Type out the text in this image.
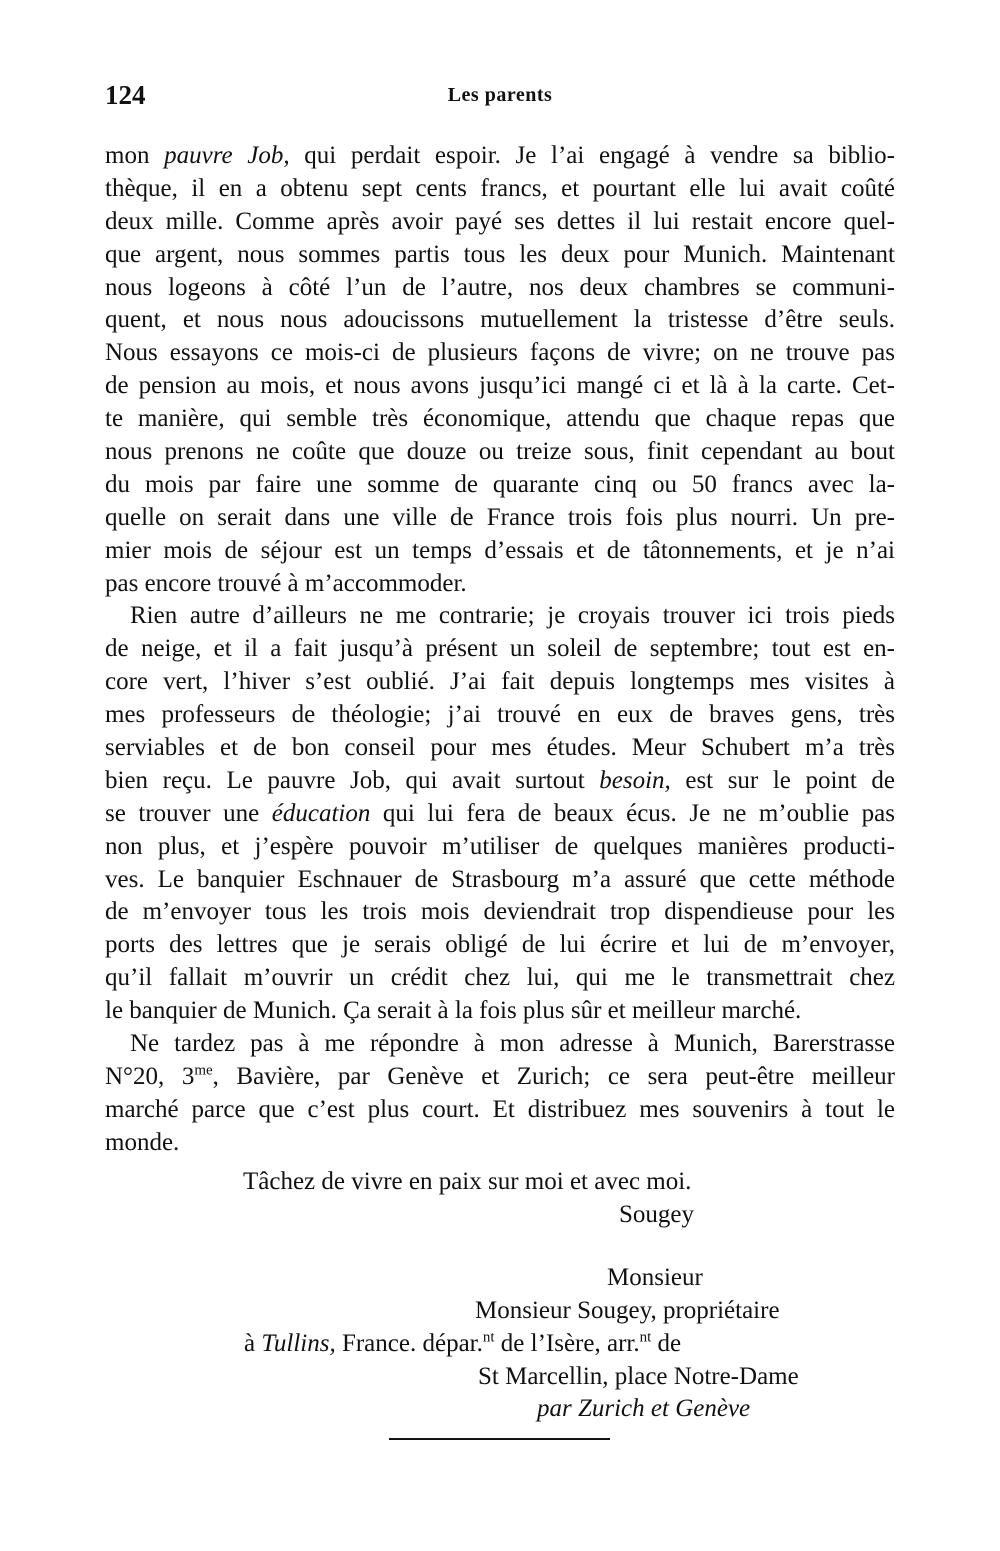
124	Les parents
mon pauvre Job, qui perdait espoir. Je l’ai engagé à vendre sa biblio-
thèque, il en a obtenu sept cents francs, et pourtant elle lui avait coûté
deux mille. Comme après avoir payé ses dettes il lui restait encore quel-
que argent, nous sommes partis tous les deux pour Munich. Maintenant
nous logeons à côté l’un de l’autre, nos deux chambres se communi-
quent, et nous nous adoucissons mutuellement la tristesse d’être seuls.
Nous essayons ce mois-ci de plusieurs façons de vivre; on ne trouve pas
de pension au mois, et nous avons jusqu’ici mangé ci et là à la carte. Cet-
te manière, qui semble très économique, attendu que chaque repas que
nous prenons ne coûte que douze ou treize sous, finit cependant au bout
du mois par faire une somme de quarante cinq ou 50 francs avec la-
quelle on serait dans une ville de France trois fois plus nourri. Un pre-
mier mois de séjour est un temps d’essais et de tâtonnements, et je n’ai
pas encore trouvé à m’accommoder.
Rien autre d’ailleurs ne me contrarie; je croyais trouver ici trois pieds
de neige, et il a fait jusqu’à présent un soleil de septembre; tout est en-
core vert, l’hiver s’est oublié. J’ai fait depuis longtemps mes visites à
mes professeurs de théologie; j’ai trouvé en eux de braves gens, très
serviables et de bon conseil pour mes études. Meur Schubert m’a très
bien reçu. Le pauvre Job, qui avait surtout besoin, est sur le point de
se trouver une éducation qui lui fera de beaux écus. Je ne m’oublie pas
non plus, et j’espère pouvoir m’utiliser de quelques manières producti-
ves. Le banquier Eschnauer de Strasbourg m’a assuré que cette méthode
de m’envoyer tous les trois mois deviendrait trop dispendieuse pour les
ports des lettres que je serais obligé de lui écrire et lui de m’envoyer,
qu’il fallait m’ouvrir un crédit chez lui, qui me le transmettrait chez
le banquier de Munich. Ça serait à la fois plus sûr et meilleur marché.
Ne tardez pas à me répondre à mon adresse à Munich, Barerstrasse
N°20, $3^{me}$, Bavière, par Genève et Zurich; ce sera peut-être meilleur
marché parce que c’est plus court. Et distribuez mes souvenirs à tout le
monde.
Tâchez de vivre en paix sur moi et avec moi.
Sougey
Monsieur
Monsieur Sougey, propriétaire
à Tullins, France. dépar.$^{nt}$ de l’Isère, arr.$^{nt}$ de
St Marcellin, place Notre-Dame
par Zurich et Genève
